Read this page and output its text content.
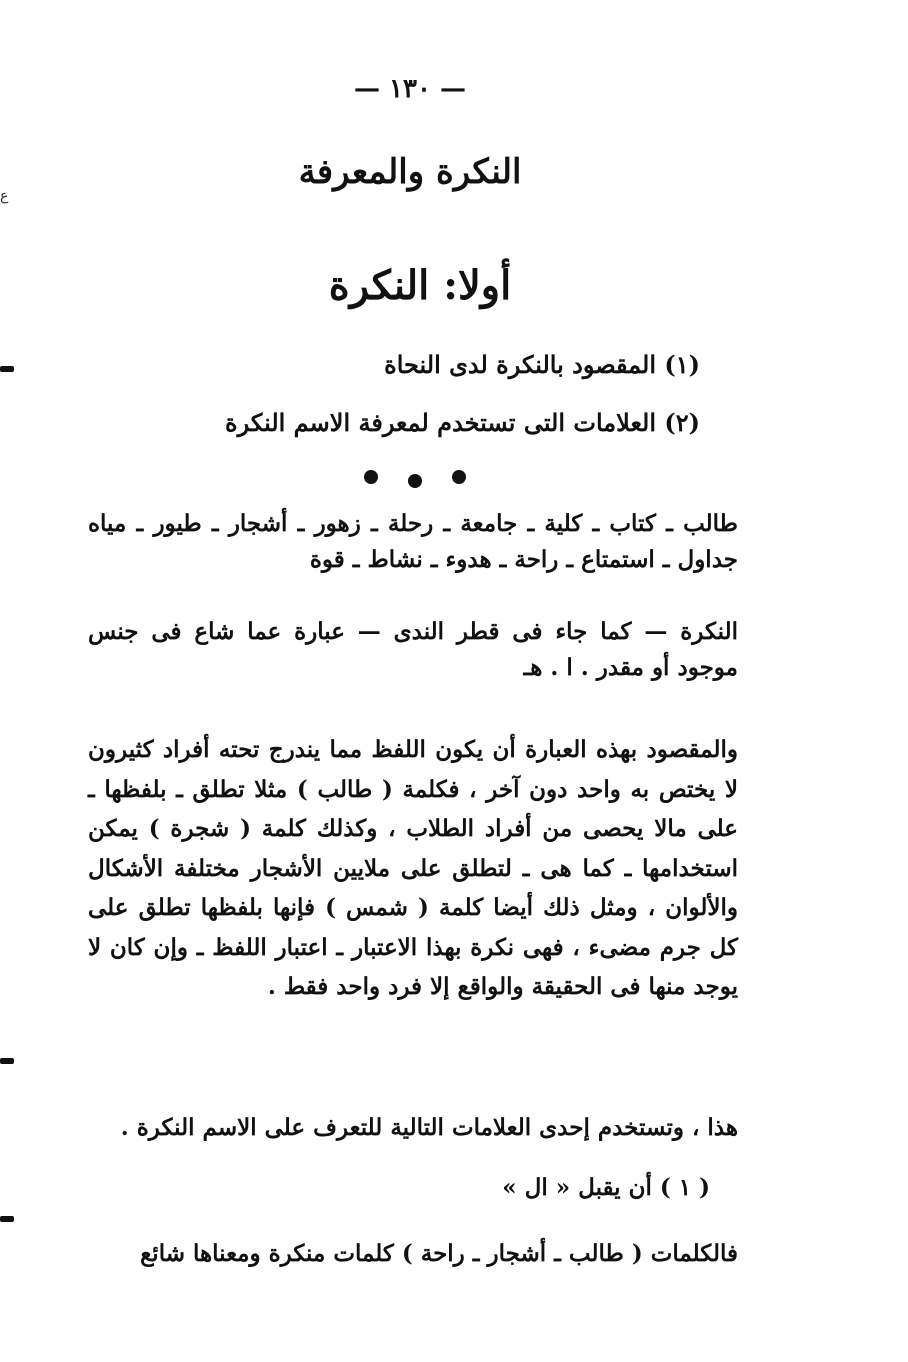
ع
— ١٣٠ —
النكرة والمعرفة
أولا: النكرة
(١) المقصود بالنكرة لدى النحاة
(٢) العلامات التى تستخدم لمعرفة الاسم النكرة
طالب ـ كتاب ـ كلية ـ جامعة ـ رحلة ـ زهور ـ أشجار ـ طيور ـ مياه جداول ـ استمتاع ـ راحة ـ هدوء ـ نشاط ـ قوة
النكرة — كما جاء فى قطر الندى — عبارة عما شاع فى جنس موجود أو مقدر . ا . هـ
والمقصود بهذه العبارة أن يكون اللفظ مما يندرج تحته أفراد كثيرون لا يختص به واحد دون آخر ، فكلمة ( طالب ) مثلا تطلق ـ بلفظها ـ على مالا يحصى من أفراد الطلاب ، وكذلك كلمة ( شجرة ) يمكن استخدامها ـ كما هى ـ لتطلق على ملايين الأشجار مختلفة الأشكال والألوان ، ومثل ذلك أيضا كلمة ( شمس ) فإنها بلفظها تطلق على كل جرم مضىء ، فهى نكرة بهذا الاعتبار ـ اعتبار اللفظ ـ وإن كان لا يوجد منها فى الحقيقة والواقع إلا فرد واحد فقط .
هذا ، وتستخدم إحدى العلامات التالية للتعرف على الاسم النكرة .
( ١ ) أن يقبل « ال »
فالكلمات ( طالب ـ أشجار ـ راحة ) كلمات منكرة ومعناها شائع
